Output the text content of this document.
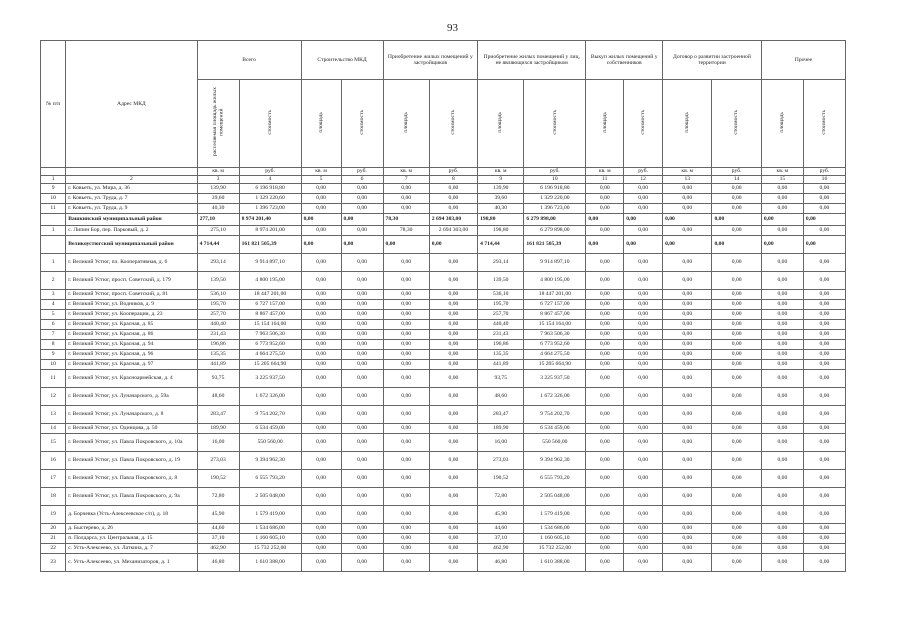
93
№ п/п	Адрес МКД	Всего		Строительство МКД		Приобретение жилых помещений у застройщиков		Приобретение жилых помещений у лиц, не являющихся застройщиком		Выкуп жилых помещений у собственников		Договор о развитии застроенной территории		Прочее	
		расселяемая площадь жилых помещений	стоимость	площадь	стоимость	площадь	стоимость	площадь	стоимость	площадь	стоимость	площадь	стоимость	площадь	стоимость
		кв. м	руб.	кв. м	руб.	кв. м	руб.	кв. м	руб.	кв. м	руб.	кв. м	руб.	кв. м	руб.
1	2	3	4	5	6	7	8	9	10	11	12	13	14	15	16
9	г. Ковьеть, ул. Мира, д. 36	139,90	6 196 918,80	0,00	0,00	0,00	0,00	139,90	6 196 918,80	0,00	0,00	0,00	0,00	0,00	0,00
10	г. Ковьеть, ул. Труда, д. 7	39,60	1 329 220,60	0,00	0,00	0,00	0,00	39,60	1 329 220,00	0,00	0,00	0,00	0,00	0,00	0,00
11	г. Ковьеть, ул. Труда, д. 9	40,30	1 396 723,00	0,00	0,00	0,00	0,00	40,30	1 396 723,00	0,00	0,00	0,00	0,00	0,00	0,00
	Вашкинский муниципальный район	277,10	8 974 201,40	0,00	0,00	78,30	2 694 303,00	198,80	6 279 898,00	0,00	0,00	0,00	0,00	0,00	0,00
1	с. Липин Бор, пер. Парковый, д. 2	275,10	8 974 201,00	0,00	0,00	78,30	2 694 303,00	198,80	6 279 898,00	0,00	0,00	0,00	0,00	0,00	0,00
	Великоустюгский муниципальный район	4 714,44	161 821 505,39	0,00	0,00	0,00	0,00	4 714,44	161 821 505,39	0,00	0,00	0,00	0,00	0,00	0,00
1	г. Великий Устюг, пл. Кооперативная, д. 6	293,14	9 914 897,10	0,00	0,00	0,00	0,00	293,14	9 914 897,10	0,00	0,00	0,00	0,00	0,00	0,00
2	г. Великий Устюг, просп. Советский, д. 179	139,50	4 800 195,00	0,00	0,00	0,00	0,00	139,50	4 800 195,00	0,00	0,00	0,00	0,00	0,00	0,00
3	г. Великий Устюг, просп. Советский, д. 81	536,10	18 447 201,00	0,00	0,00	0,00	0,00	536,10	18 447 201,00	0,00	0,00	0,00	0,00	0,00	0,00
4	г. Великий Устюг, ул. Водников, д. 9	195,70	6 727 157,00	0,00	0,00	0,00	0,00	195,70	6 727 157,00	0,00	0,00	0,00	0,00	0,00	0,00
5	г. Великий Устюг, ул. Кооперации, д. 23	257,70	8 867 457,00	0,00	0,00	0,00	0,00	257,70	8 867 457,00	0,00	0,00	0,00	0,00	0,00	0,00
6	г. Великий Устюг, ул. Красная, д. 85	440,40	15 154 164,00	0,00	0,00	0,00	0,00	440,40	15 154 164,00	0,00	0,00	0,00	0,00	0,00	0,00
7	г. Великий Устюг, ул. Красная, д. 86	231,43	7 963 506,30	0,00	0,00	0,00	0,00	231,43	7 963 506,30	0,00	0,00	0,00	0,00	0,00	0,00
8	г. Великий Устюг, ул. Красная, д. 94	196,86	6 773 952,60	0,00	0,00	0,00	0,00	196,86	6 773 952,60	0,00	0,00	0,00	0,00	0,00	0,00
9	г. Великий Устюг, ул. Красная, д. 96	135,35	4 664 275,50	0,00	0,00	0,00	0,00	135,35	4 664 275,50	0,00	0,00	0,00	0,00	0,00	0,00
10	г. Великий Устюг, ул. Красная, д. 97	441,89	15 205 664,90	0,00	0,00	0,00	0,00	441,89	15 205 664,90	0,00	0,00	0,00	0,00	0,00	0,00
11	г. Великий Устюг, ул. Красноармейская, д. 4	93,75	3 225 937,50	0,00	0,00	0,00	0,00	93,75	3 225 937,50	0,00	0,00	0,00	0,00	0,00	0,00
12	г. Великий Устюг, ул. Луначарского, д. 59а	48,60	1 672 326,00	0,00	0,00	0,00	0,00	48,60	1 672 326,00	0,00	0,00	0,00	0,00	0,00	0,00
13	г. Великий Устюг, ул. Луначарского, д. 8	283,47	9 754 202,70	0,00	0,00	0,00	0,00	283,47	9 754 202,70	0,00	0,00	0,00	0,00	0,00	0,00
14	г. Великий Устюг, ул. Одинцова, д. 50	189,90	6 534 459,00	0,00	0,00	0,00	0,00	189,90	6 534 459,00	0,00	0,00	0,00	0,00	0,00	0,00
15	г. Великий Устюг, ул. Павла Покровского, д. 10а	16,00	550 560,00	0,00	0,00	0,00	0,00	16,00	550 560,00	0,00	0,00	0,00	0,00	0,00	0,00
16	г. Великий Устюг, ул. Павла Покровского, д. 19	273,03	9 394 962,30	0,00	0,00	0,00	0,00	273,03	9 394 962,30	0,00	0,00	0,00	0,00	0,00	0,00
17	г. Великий Устюг, ул. Павла Покровского, д. 8	190,52	6 555 793,20	0,00	0,00	0,00	0,00	190,52	6 555 793,20	0,00	0,00	0,00	0,00	0,00	0,00
18	г. Великий Устюг, ул. Павла Покровского, д. 9а	72,80	2 505 048,00	0,00	0,00	0,00	0,00	72,80	2 505 048,00	0,00	0,00	0,00	0,00	0,00	0,00
19	д. Борчевка (Усть-Алексеевское с/п), д. 18	45,90	1 579 419,00	0,00	0,00	0,00	0,00	45,90	1 579 419,00	0,00	0,00	0,00	0,00	0,00	0,00
20	д. Быстерево, д. 26	44,60	1 534 686,00	0,00	0,00	0,00	0,00	44,60	1 534 686,00	0,00	0,00	0,00	0,00	0,00	0,00
21	п. Полдарса, ул. Центральная, д. 15	37,10	1 160 605,10	0,00	0,00	0,00	0,00	37,10	1 160 605,10	0,00	0,00	0,00	0,00	0,00	0,00
22	с. Усть-Алексеево, ул. Латкина, д. 7	462,90	15 732 252,00	0,00	0,00	0,00	0,00	462,90	15 732 252,00	0,00	0,00	0,00	0,00	0,00	0,00
23	с. Усть-Алексеево, ул. Механизаторов, д. 1	46,80	1 610 388,00	0,00	0,00	0,00	0,00	46,80	1 610 388,00	0,00	0,00	0,00	0,00	0,00	0,00
